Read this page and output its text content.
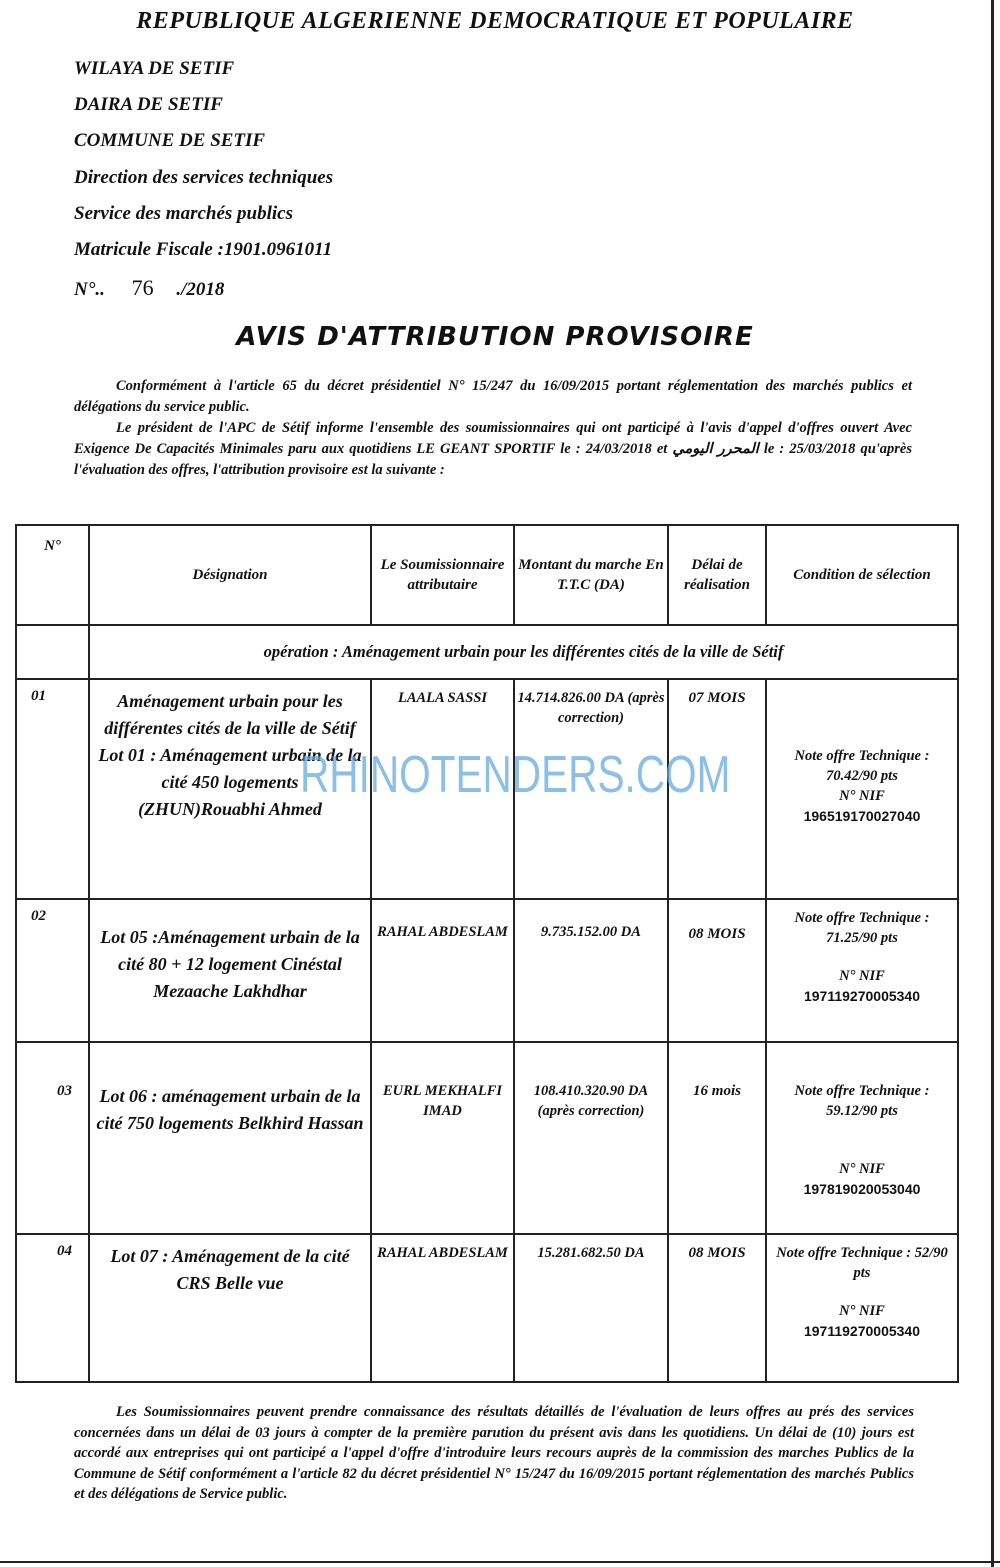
REPUBLIQUE ALGERIENNE DEMOCRATIQUE ET POPULAIRE
WILAYA DE SETIF
DAIRA DE SETIF
COMMUNE DE SETIF
Direction des services techniques
Service des marchés publics
Matricule Fiscale :1901.0961011
N°.. 76 ./2018
AVIS D'ATTRIBUTION PROVISOIRE

Conformément à l'article 65 du décret présidentiel N° 15/247 du 16/09/2015 portant réglementation des marchés publics et délégations du service public.

Le président de l'APC de Sétif informe l'ensemble des soumissionnaires qui ont participé à l'avis d'appel d'offres ouvert Avec Exigence De Capacités Minimales paru aux quotidiens LE GEANT SPORTIF le : 24/03/2018 et المحرر اليومي le : 25/03/2018 qu'après l'évaluation des offres, l'attribution provisoire est la suivante :

N°	Désignation	Le Soumissionnaire attributaire	Montant du marche En T.T.C (DA)	Délai de réalisation	Condition de sélection
	opération : Aménagement urbain pour les différentes cités de la ville de Sétif				
01	Aménagement urbain pour les différentes cités de la ville de Sétif Lot 01 : Aménagement urbain de la cité 450 logements (ZHUN)Rouabhi Ahmed	LAALA SASSI	14.714.826.00 DA (après correction)	07 MOIS	Note offre Technique : 70.42/90 pts
N° NIF
196519170027040

02	Lot 05 :Aménagement urbain de la cité 80 + 12 logement Cinéstal Mezaache Lakhdhar	RAHAL ABDESLAM	9.735.152.00 DA	08 MOIS	Note offre Technique : 71.25/90 pts
N° NIF
197119270005340

03	Lot 06 : aménagement urbain de la cité 750 logements Belkhird Hassan	EURL MEKHALFI IMAD	108.410.320.90 DA (après correction)	16 mois	Note offre Technique : 59.12/90 pts
N° NIF
197819020053040

04	Lot 07 : Aménagement de la cité CRS Belle vue	RAHAL ABDESLAM	15.281.682.50 DA	08 MOIS	Note offre Technique : 52/90 pts
N° NIF
197119270005340
RHINOTENDERS.COM

Les Soumissionnaires peuvent prendre connaissance des résultats détaillés de l'évaluation de leurs offres au prés des services concernées dans un délai de 03 jours à compter de la première parution du présent avis dans les quotidiens. Un délai de (10) jours est accordé aux entreprises qui ont participé a l'appel d'offre d'introduire leurs recours auprès de la commission des marches Publics de la Commune de Sétif conformément a l'article 82 du décret présidentiel N° 15/247 du 16/09/2015 portant réglementation des marchés Publics et des délégations de Service public.
